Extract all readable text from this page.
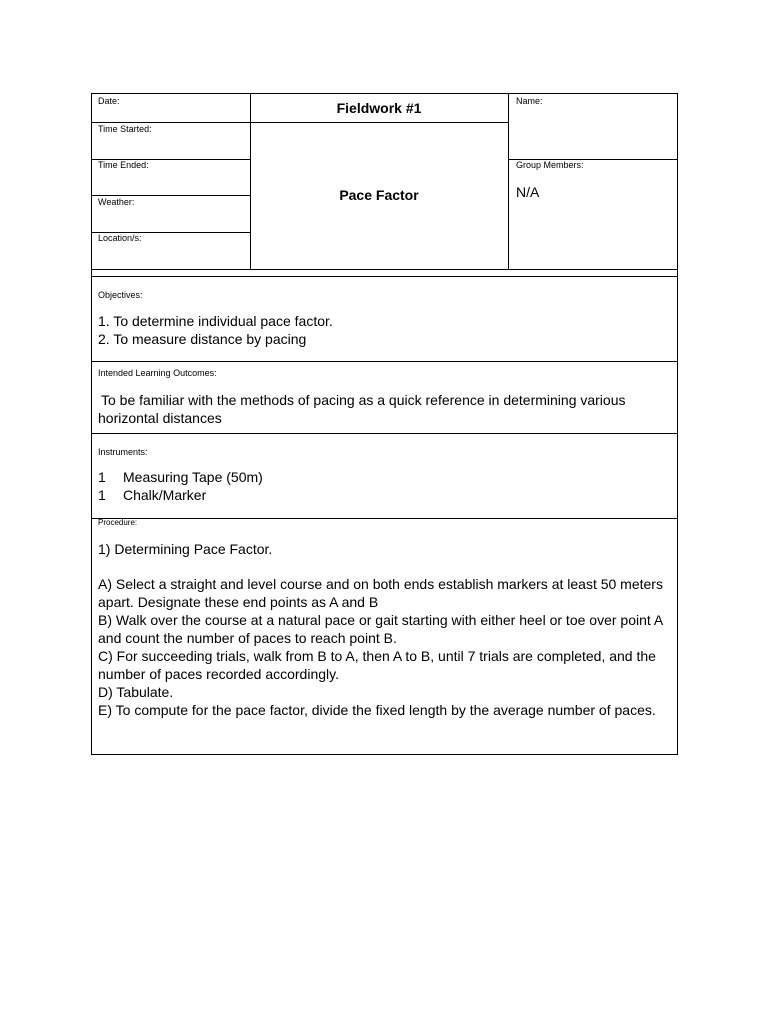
Date:
Time Started:
Time Ended:
Weather:
Location/s:
Fieldwork #1
Pace Factor
Name:
Group Members:
N/A
Objectives:
1. To determine individual pace factor.
2. To measure distance by pacing
Intended Learning Outcomes:
To be familiar with the methods of pacing as a quick reference in determining various horizontal distances
Instruments:
1 Measuring Tape (50m)
1 Chalk/Marker
Procedure:
1) Determining Pace Factor.
A) Select a straight and level course and on both ends establish markers at least 50 meters apart. Designate these end points as A and B
B) Walk over the course at a natural pace or gait starting with either heel or toe over point A and count the number of paces to reach point B.
C) For succeeding trials, walk from B to A, then A to B, until 7 trials are completed, and the number of paces recorded accordingly.
D) Tabulate.
E) To compute for the pace factor, divide the fixed length by the average number of paces.
